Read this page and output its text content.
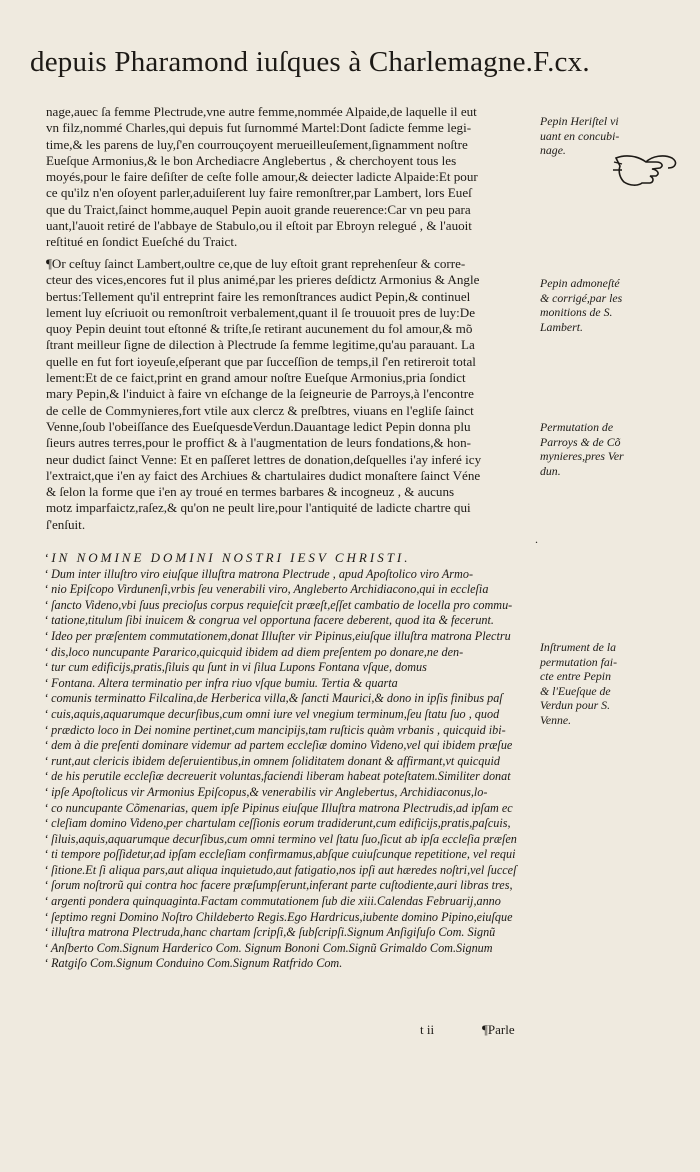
depuis Pharamond iuſques à Charlemagne.F.cx.

nage,auec ſa femme Plectrude,vne autre femme,nommée Alpaide,de laquelle il eut

vn filz,nommé Charles,qui depuis fut ſurnommé Martel:Dont ſadicte femme legi-

time,& les parens de luy,ſ'en courrouçoyent merueilleuſement,ſignamment noſtre

Eueſque Armonius,& le bon Archediacre Anglebertus , & cherchoyent tous les

moyés,pour le faire deſiſter de ceſte folle amour,& deiecter ladicte Alpaide:Et pour

ce qu'ilz n'en oſoyent parler,aduiſerent luy faire remonſtrer,par Lambert, lors Eueſ

que du Traict,ſainct homme,auquel Pepin auoit grande reuerence:Car vn peu para

uant,l'auoit retiré de l'abbaye de Stabulo,ou il eſtoit par Ebroyn relegué , & l'auoit

reſtitué en ſondict Eueſché du Traict.

¶Or ceſtuy ſainct Lambert,oultre ce,que de luy eſtoit grant reprehenſeur & corre-

cteur des vices,encores fut il plus animé,par les prieres deſdictz Armonius & Angle

bertus:Tellement qu'il entreprint faire les remonſtrances audict Pepin,& continuel

lement luy eſcriuoit ou remonſtroit verbalement,quant il ſe trouuoit pres de luy:De

quoy Pepin deuint tout eſtonné & triſte,ſe retirant aucunement du fol amour,& mõ

ſtrant meilleur ſigne de dilection à Plectrude ſa femme legitime,qu'au parauant. La

quelle en fut fort ioyeuſe,eſperant que par ſucceſſion de temps,il ſ'en retireroit total

lement:Et de ce faict,print en grand amour noſtre Eueſque Armonius,pria ſondict

mary Pepin,& l'induict à faire vn eſchange de la ſeigneurie de Parroys,à l'encontre

de celle de Commynieres,fort vtile aux clercz & preſbtres, viuans en l'egliſe ſainct

Venne,ſoub l'obeiſſance des EueſquesdeVerdun.Dauantage ledict Pepin donna plu

ſieurs autres terres,pour le proffict & à l'augmentation de leurs fondations,& hon-

neur dudict ſainct Venne: Et en paſſeret lettres de donation,deſquelles i'ay inferé icy

l'extraict,que i'en ay faict des Archiues & chartulaires dudict monaſtere ſainct Véne

& ſelon la forme que i'en ay troué en termes barbares & incogneuz , & aucuns

motz imparfaictz,raſez,& qu'on ne peult lire,pour l'antiquité de ladicte chartre qui

ſ'enſuit.

.

‘IN NOMINE DOMINI NOSTRI IESV CHRISTI.

‘ Dum inter illuſtro viro eiuſque illuſtra matrona Plectrude , apud Apoſtolico viro Armo-

‘ nio Epiſcopo Virdunenſi,vrbis ſeu venerabili viro, Angleberto Archidiacono,qui in eccleſia

‘ ſancto Videno,vbi ſuus precioſus corpus requieſcit præeſt,eſſet cambatio de locella pro commu-

‘ tatione,titulum ſibi inuicem & congrua vel opportuna facere deberent, quod ita & fecerunt.

‘ Ideo per præſentem commutationem,donat Illuſter vir Pipinus,eiuſque illuſtra matrona Plectru

‘ dis,loco nuncupante Pararico,quicquid ibidem ad diem preſentem po donare,ne den-

‘ tur cum edificijs,pratis,ſiluis qu ſunt in vi ſilua Lupons Fontana vſque, domus

‘ Fontana. Altera terminatio per infra riuo vſque bumiu. Tertia & quarta

‘ comunis terminatto Filcalina,de Herberica villa,& ſancti Maurici,& dono in ipſis finibus paſ

‘ cuis,aquis,aquarumque decurſibus,cum omni iure vel vnegium terminum,ſeu ſtatu ſuo , quod

‘ prædicto loco in Dei nomine pertinet,cum mancipijs,tam ruſticis quàm vrbanis , quicquid ibi-

‘ dem à die preſenti dominare videmur ad partem eccleſiæ domino Videno,vel qui ibidem præſue

‘ runt,aut clericis ibidem deſeruientibus,in omnem ſoliditatem donant & affirmant,vt quicquid

‘ de his perutile eccleſiæ decreuerit voluntas,faciendi liberam habeat poteſtatem.Similiter donat

‘ ipſe Apoſtolicus vir Armonius Epiſcopus,& venerabilis vir Anglebertus, Archidiaconus,lo-

‘ co nuncupante Cõmenarias, quem ipſe Pipinus eiuſque Illuſtra matrona Plectrudis,ad ipſam ec

‘ cleſiam domino Videno,per chartulam ceſſionis eorum tradiderunt,cum edificijs,pratis,paſcuis,

‘ ſiluis,aquis,aquarumque decurſibus,cum omni termino vel ſtatu ſuo,ſicut ab ipſa eccleſia præſen

‘ ti tempore poſſidetur,ad ipſam eccleſiam confirmamus,abſque cuiuſcunque repetitione, vel requi

‘ ſitione.Et ſi aliqua pars,aut aliqua inquietudo,aut fatigatio,nos ipſi aut hæredes noſtri,vel ſucceſ

‘ ſorum noſtrorũ qui contra hoc facere præſumpſerunt,inferant parte cuſtodiente,auri libras tres,

‘ argenti pondera quinquaginta.Factam commutationem ſub die xiii.Calendas Februarij,anno

‘ ſeptimo regni Domino Noſtro Childeberto Regis.Ego Hardricus,iubente domino Pipino,eiuſque

‘ illuſtra matrona Plectruda,hanc chartam ſcripſi,& ſubſcripſi.Signum Anſigiſuſo Com. Signũ

‘ Anſberto Com.Signum Harderico Com. Signum Bononi Com.Signũ Grimaldo Com.Signum

‘ Ratgiſo Com.Signum Conduino Com.Signum Ratfrido Com.

Pepin Heriſtel vi

uant en concubi-

nage.

Pepin admoneſté

& corrigé,par les

monitions de S.

Lambert.

Permutation de

Parroys & de Cõ

mynieres,pres Ver

dun.

Inſtrument de la

permutation fai-

cte entre Pepin

& l'Eueſque de

Verdun pour S.

Venne.

t ii	¶Parle
